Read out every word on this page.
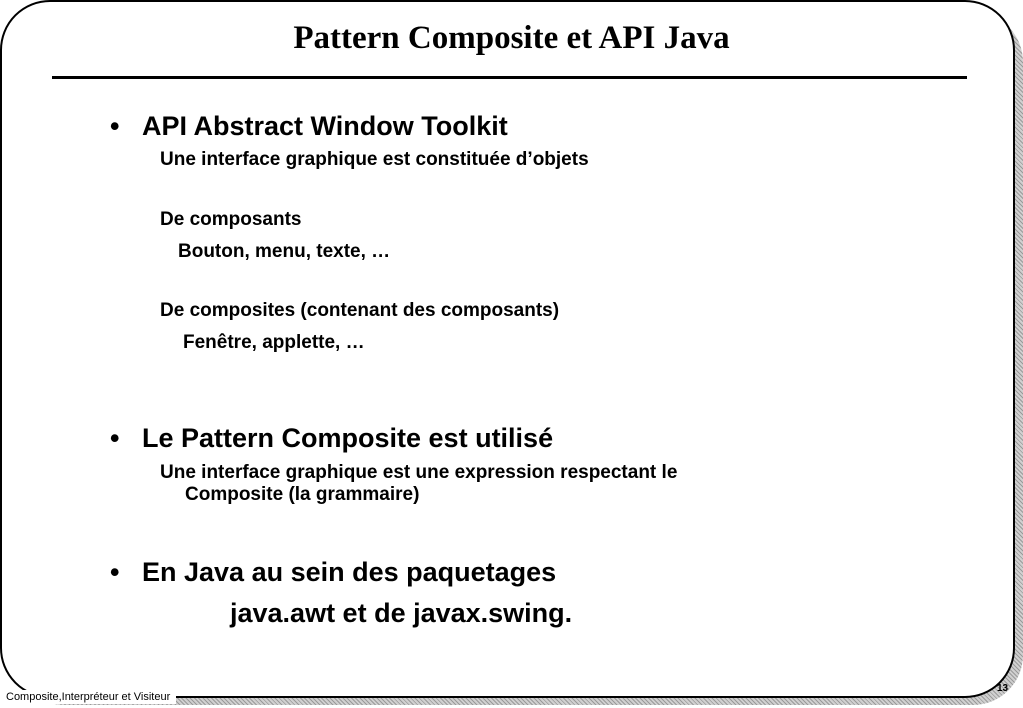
Pattern Composite et API Java
• API Abstract Window Toolkit
Une interface graphique est constituée d’objets
De composants
Bouton, menu, texte, …
De composites (contenant des composants)
Fenêtre, applette, …
• Le Pattern Composite est utilisé
Une interface graphique est une expression respectant le
Composite (la grammaire)
• En Java au sein des paquetages
java.awt et de javax.swing.
Composite,Interpréteur et Visiteur
13
